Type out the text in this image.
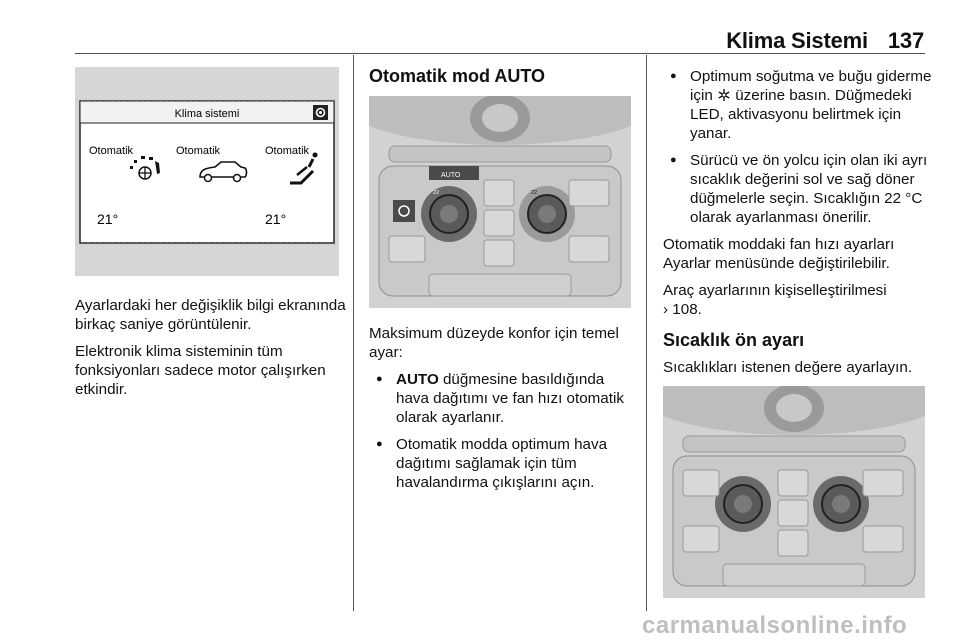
Klima Sistemi 137
Klima sistemi
Otomatik	Otomatik	Otomatik
21°	21°

Ayarlardaki her değişiklik bilgi ekranında birkaç saniye görüntülenir.

Elektronik klima sisteminin tüm fonksiyonları sadece motor çalışırken etkindir.

Otomatik mod AUTO
AUTO
22	22

Maksimum düzeyde konfor için temel ayar:

● AUTO düğmesine basıldığında hava dağıtımı ve fan hızı otomatik olarak ayarlanır.
● Otomatik modda optimum hava dağıtımı sağlamak için tüm havalandırma çıkışlarını açın.
● Optimum soğutma ve buğu giderme için  üzerine basın. Düğmedeki LED, aktivasyonu belirtmek için yanar.
● Sürücü ve ön yolcu için olan iki ayrı sıcaklık değerini sol ve sağ döner düğmelerle seçin. Sıcaklığın 22 °C olarak ayarlanması önerilir.

Otomatik moddaki fan hızı ayarları Ayarlar menüsünde değiştirilebilir.

Araç ayarlarının kişiselleştirilmesi
› 108.

Sıcaklık ön ayarı

Sıcaklıkları istenen değere ayarlayın.

carmanualsonline.info
